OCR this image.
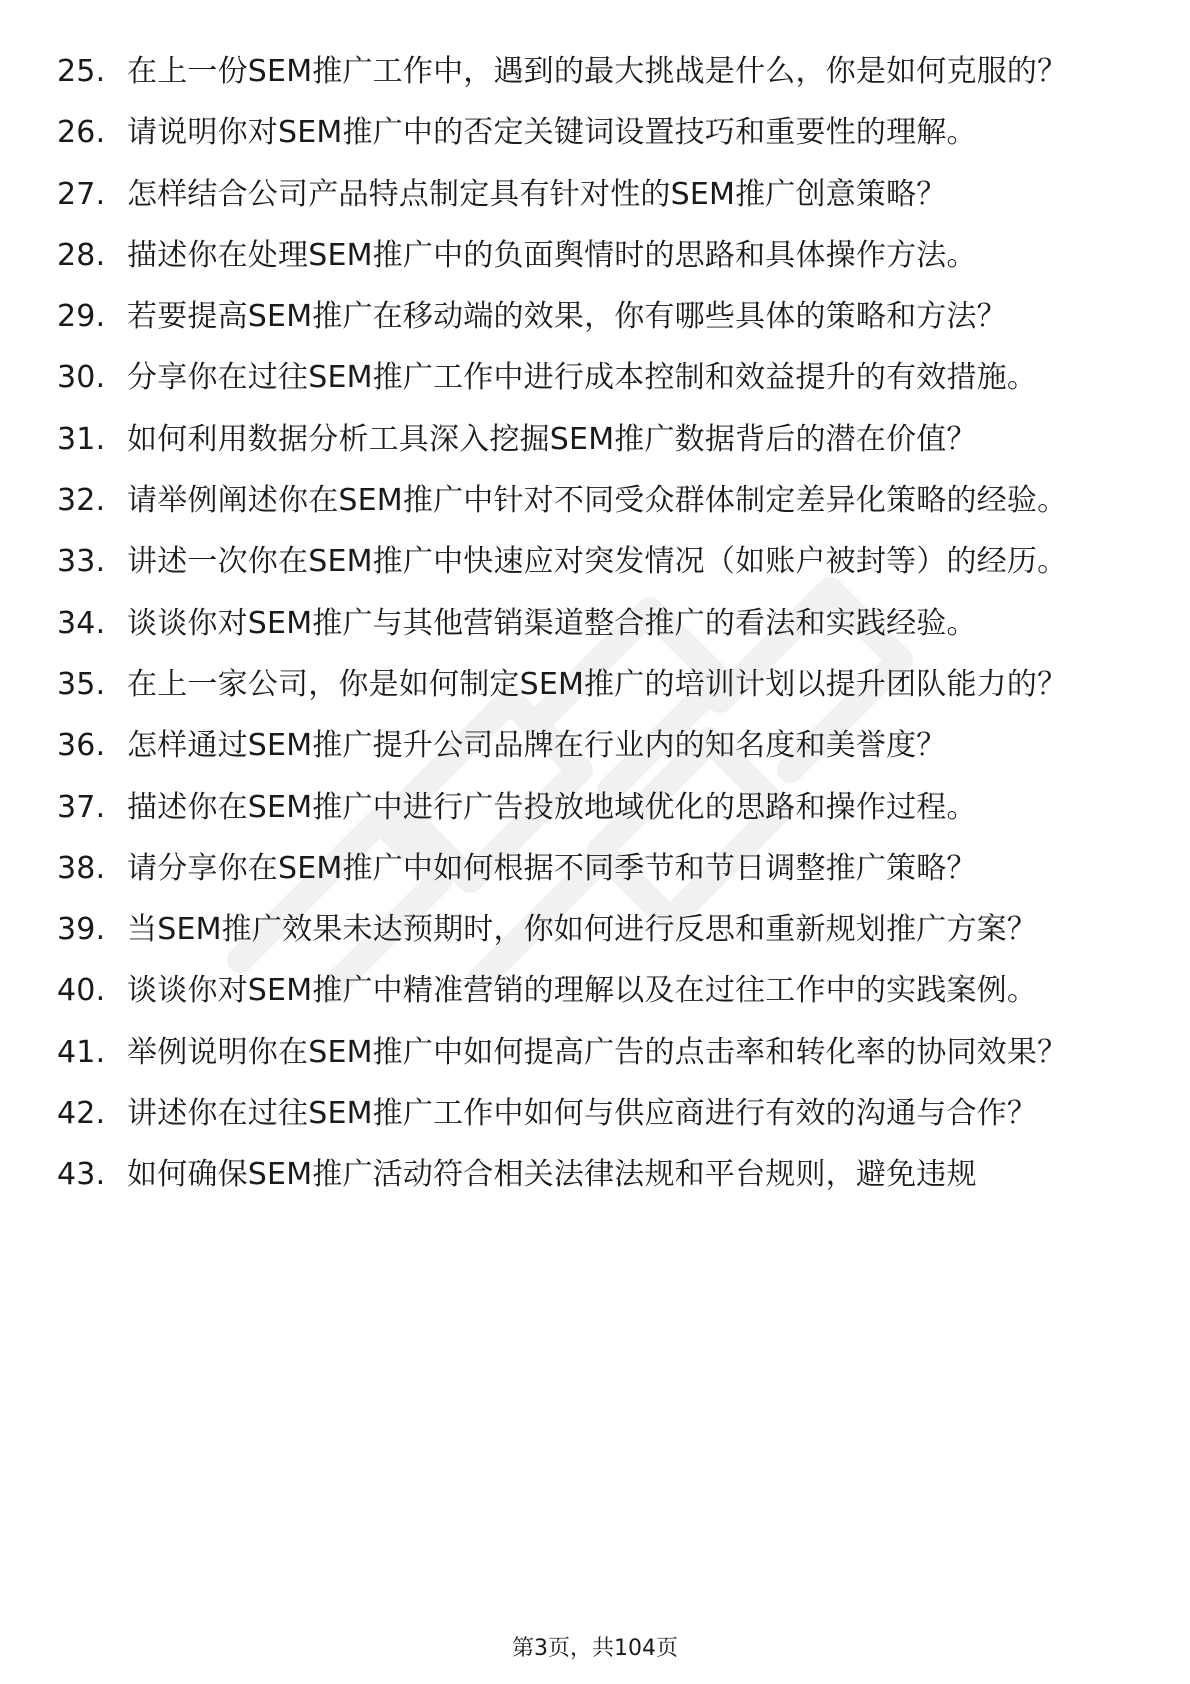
25. 在上一份SEM推广工作中，遇到的最大挑战是什么，你是如何克服的？
26. 请说明你对SEM推广中的否定关键词设置技巧和重要性的理解。
27. 怎样结合公司产品特点制定具有针对性的SEM推广创意策略？
28. 描述你在处理SEM推广中的负面舆情时的思路和具体操作方法。
29. 若要提高SEM推广在移动端的效果，你有哪些具体的策略和方法？
30. 分享你在过往SEM推广工作中进行成本控制和效益提升的有效措施。
31. 如何利用数据分析工具深入挖掘SEM推广数据背后的潜在价值？
32. 请举例阐述你在SEM推广中针对不同受众群体制定差异化策略的经验。
33. 讲述一次你在SEM推广中快速应对突发情况（如账户被封等）的经历。
34. 谈谈你对SEM推广与其他营销渠道整合推广的看法和实践经验。
35. 在上一家公司，你是如何制定SEM推广的培训计划以提升团队能力的？
36. 怎样通过SEM推广提升公司品牌在行业内的知名度和美誉度？
37. 描述你在SEM推广中进行广告投放地域优化的思路和操作过程。
38. 请分享你在SEM推广中如何根据不同季节和节日调整推广策略？
39. 当SEM推广效果未达预期时，你如何进行反思和重新规划推广方案？
40. 谈谈你对SEM推广中精准营销的理解以及在过往工作中的实践案例。
41. 举例说明你在SEM推广中如何提高广告的点击率和转化率的协同效果？
42. 讲述你在过往SEM推广工作中如何与供应商进行有效的沟通与合作？
43. 如何确保SEM推广活动符合相关法律法规和平台规则，避免违规
第3页，共104页
